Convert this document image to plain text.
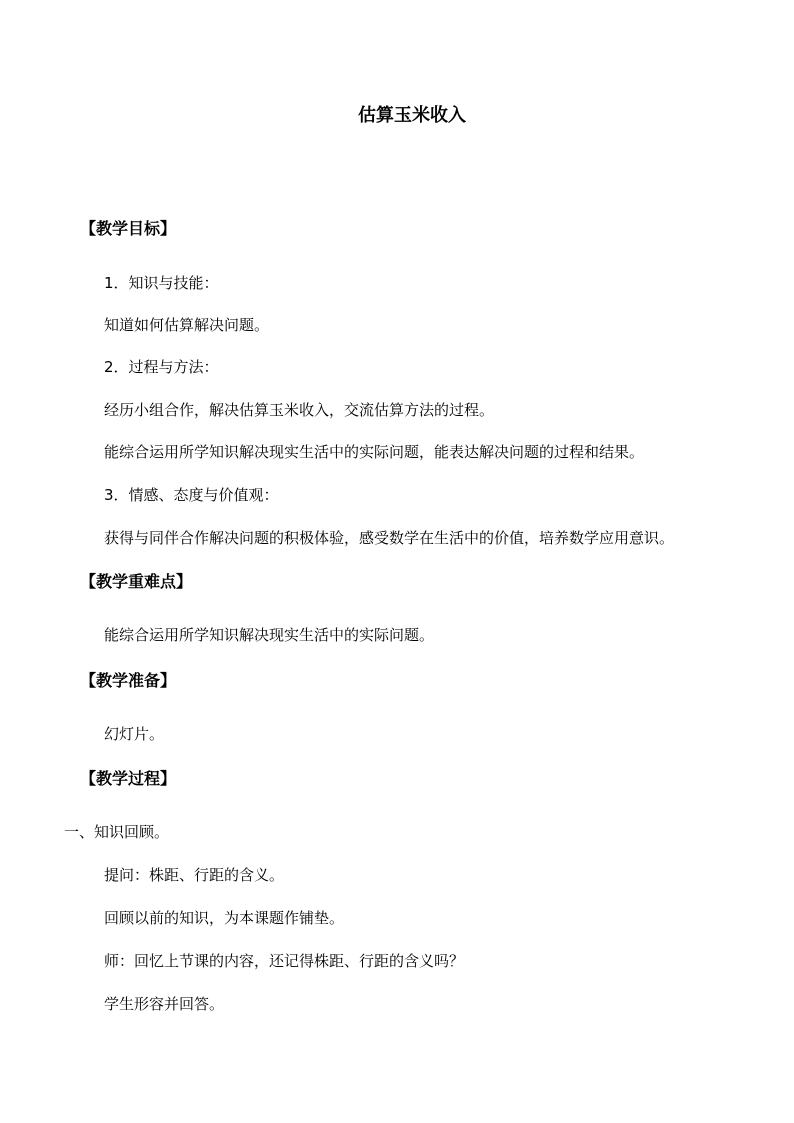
估算玉米收入
【教学目标】
1．知识与技能：
知道如何估算解决问题。
2．过程与方法：
经历小组合作，解决估算玉米收入，交流估算方法的过程。
能综合运用所学知识解决现实生活中的实际问题，能表达解决问题的过程和结果。
3．情感、态度与价值观：
获得与同伴合作解决问题的积极体验，感受数学在生活中的价值，培养数学应用意识。
【教学重难点】
能综合运用所学知识解决现实生活中的实际问题。
【教学准备】
幻灯片。
【教学过程】
一、知识回顾。
提问：株距、行距的含义。
回顾以前的知识，为本课题作铺垫。
师：回忆上节课的内容，还记得株距、行距的含义吗？
学生形容并回答。
